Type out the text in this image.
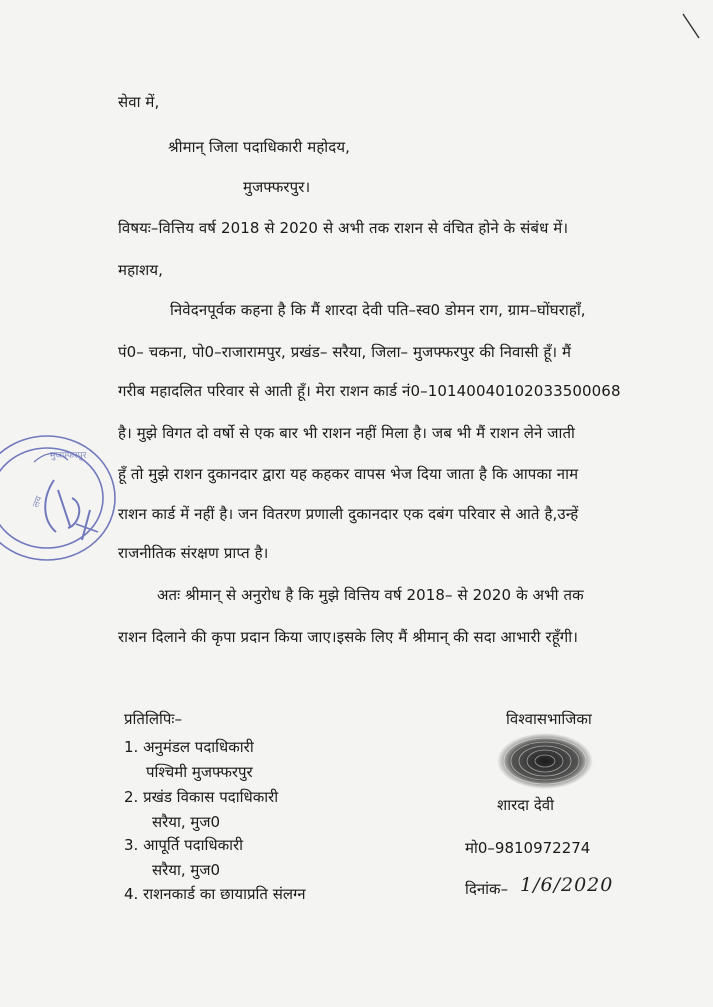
सेवा में,
श्रीमान् जिला पदाधिकारी महोदय,
मुजफ्फरपुर।
विषयः–वित्तिय वर्ष 2018 से 2020 से अभी तक राशन से वंचित होने के संबंध में।
महाशय,
निवेदनपूर्वक कहना है कि मैं शारदा देवी पति–स्व0 डोमन राग, ग्राम–घोंघराहाँ,
पं0– चकना, पो0–राजारामपुर, प्रखंड– सरैया, जिला– मुजफ्फरपुर की निवासी हूँ। मैं
गरीब महादलित परिवार से आती हूँ। मेरा राशन कार्ड नं0–10140040102033500068
है। मुझे विगत दो वर्षो से एक बार भी राशन नहीं मिला है। जब भी मैं राशन लेने जाती
हूँ तो मुझे राशन दुकानदार द्वारा यह कहकर वापस भेज दिया जाता है कि आपका नाम
राशन कार्ड में नहीं है। जन वितरण प्रणाली दुकानदार एक दबंग परिवार से आते है,उन्हें
राजनीतिक संरक्षण प्राप्त है।
अतः श्रीमान् से अनुरोध है कि मुझे वित्तिय वर्ष 2018– से 2020 के अभी तक
राशन दिलाने की कृपा प्रदान किया जाए।इसके लिए मैं श्रीमान् की सदा आभारी रहूँगी।
प्रतिलिपिः–
1. अनुमंडल पदाधिकारी
पश्चिमी मुजफ्फरपुर
2. प्रखंड विकास पदाधिकारी
सरैया, मुज0
3. आपूर्ति पदाधिकारी
सरैया, मुज0
4. राशनकार्ड का छायाप्रति संलग्न
विश्वासभाजिका
शारदा देवी
मो0–9810972274
दिनांक– 1/6/2020
मुजफ्फरपुर
लय
